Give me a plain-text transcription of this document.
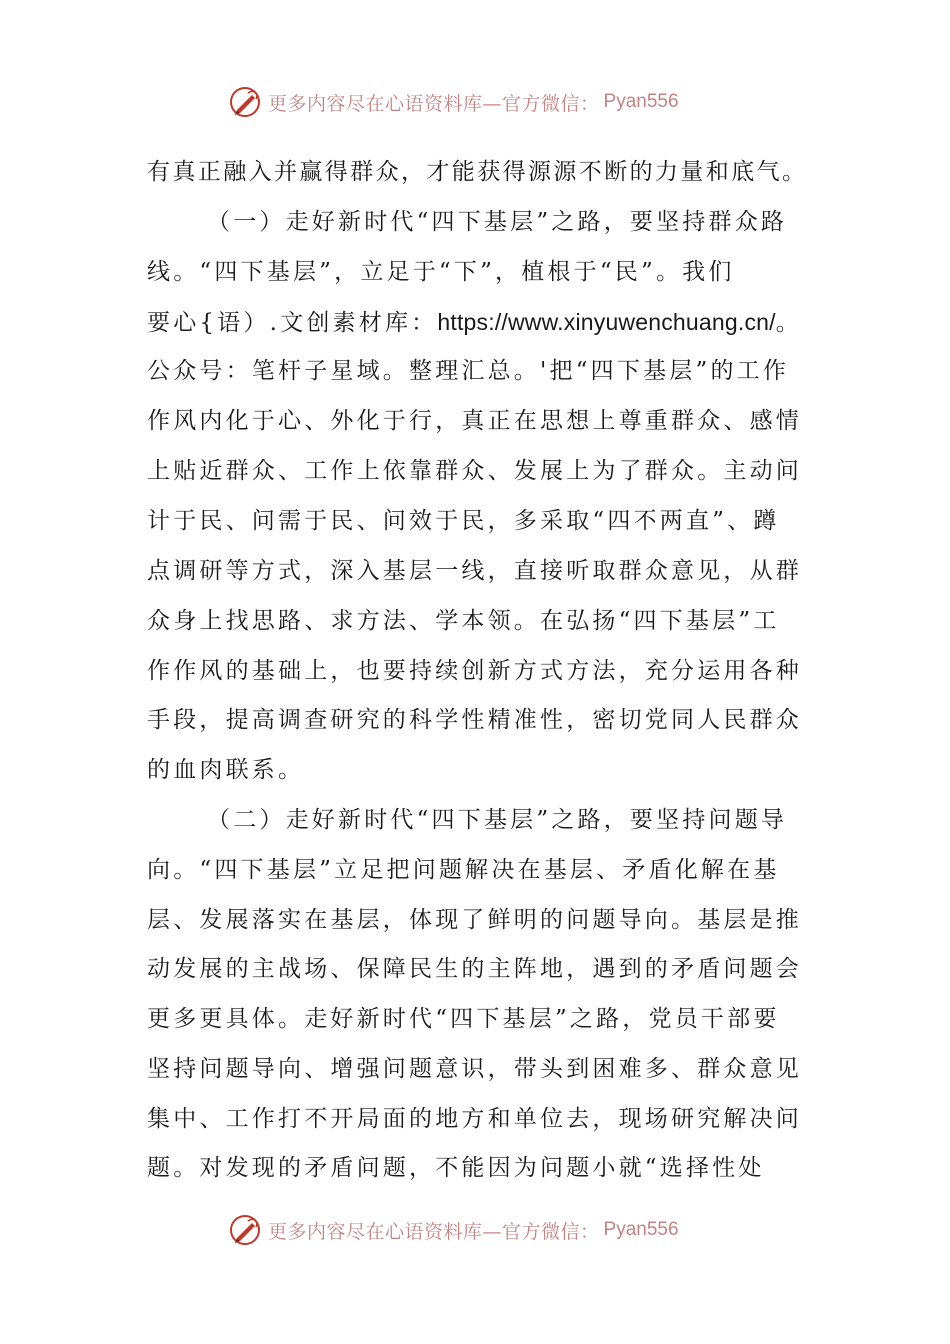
更多内容尽在心语资料库—官方微信： Pyan556
有真正融入并赢得群众，才能获得源源不断的力量和底气。
（一）走好新时代“四下基层”之路，要坚持群众路
线。“四下基层”，立足于“下”，植根于“民”。我们
要心{语）.文创素材库：https://www.xinyuwenchuang.cn/。
公众号：笔杆子星域。整理汇总。'把“四下基层”的工作
作风内化于心、外化于行，真正在思想上尊重群众、感情
上贴近群众、工作上依靠群众、发展上为了群众。主动问
计于民、问需于民、问效于民，多采取“四不两直”、蹲
点调研等方式，深入基层一线，直接听取群众意见，从群
众身上找思路、求方法、学本领。在弘扬“四下基层”工
作作风的基础上，也要持续创新方式方法，充分运用各种
手段，提高调查研究的科学性精准性，密切党同人民群众
的血肉联系。
（二）走好新时代“四下基层”之路，要坚持问题导
向。“四下基层”立足把问题解决在基层、矛盾化解在基
层、发展落实在基层，体现了鲜明的问题导向。基层是推
动发展的主战场、保障民生的主阵地，遇到的矛盾问题会
更多更具体。走好新时代“四下基层”之路，党员干部要
坚持问题导向、增强问题意识，带头到困难多、群众意见
集中、工作打不开局面的地方和单位去，现场研究解决问
题。对发现的矛盾问题，不能因为问题小就“选择性处
更多内容尽在心语资料库—官方微信： Pyan556
